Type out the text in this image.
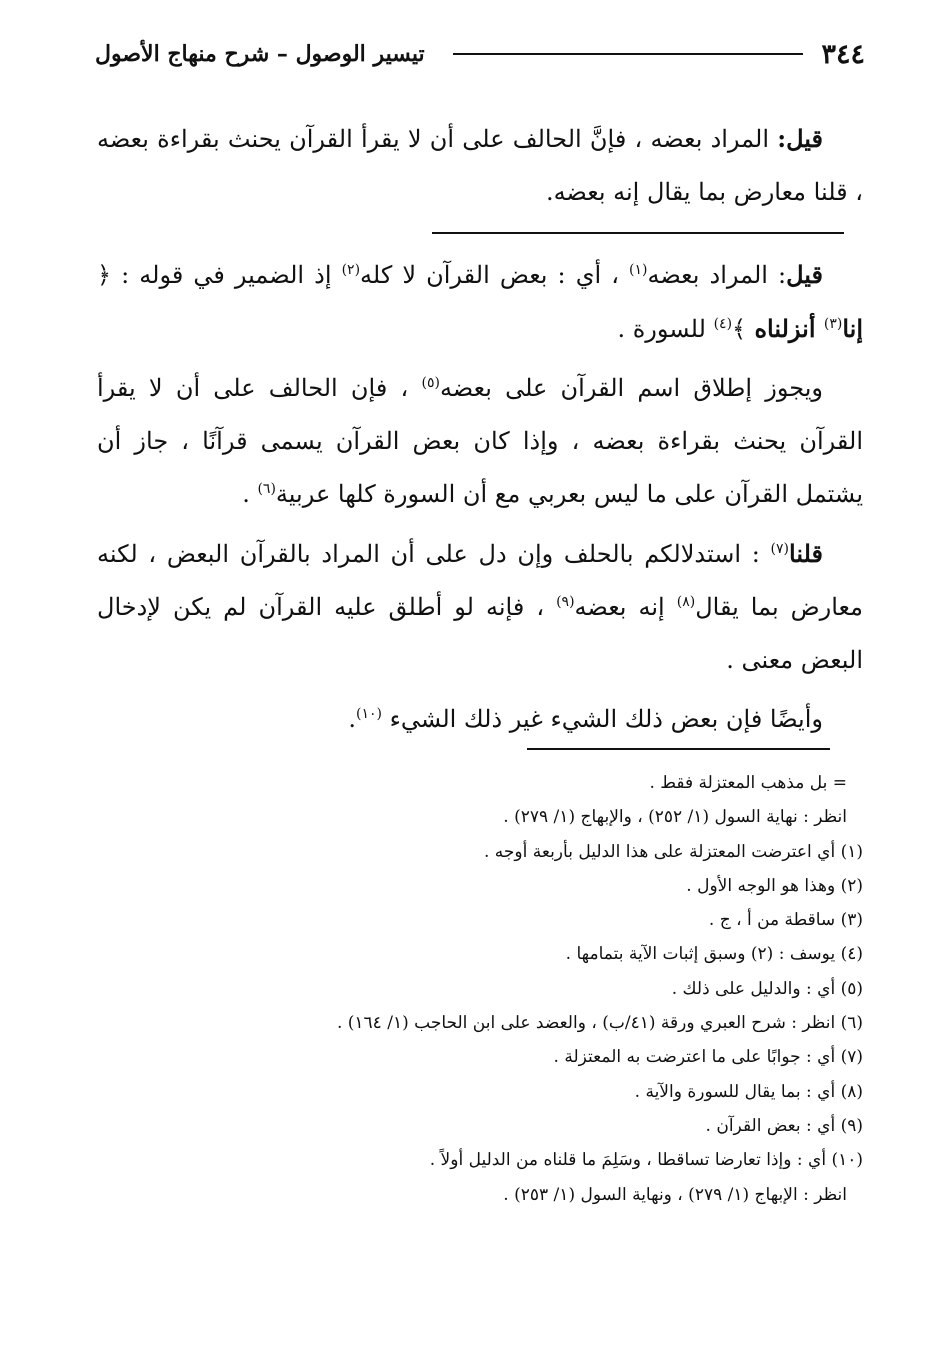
٣٤٤
تيسير الوصول – شرح منهاج الأصول
قيل: المراد بعضه ، فإنَّ الحالف على أن لا يقرأ القرآن يحنث بقراءة بعضه ، قلنا معارض بما يقال إنه بعضه.
قيل: المراد بعضه$^{(١)}$ ، أي : بعض القرآن لا كله$^{(٢)}$ إذ الضمير في قوله : ﴿ إنا$^{(٣)}$ أنزلناه ﴾$^{(٤)}$ للسورة .
ويجوز إطلاق اسم القرآن على بعضه$^{(٥)}$ ، فإن الحالف على أن لا يقرأ القرآن يحنث بقراءة بعضه ، وإذا كان بعض القرآن يسمى قرآنًا ، جاز أن يشتمل القرآن على ما ليس بعربي مع أن السورة كلها عربية$^{(٦)}$ .
قلنا$^{(٧)}$ : استدلالكم بالحلف وإن دل على أن المراد بالقرآن البعض ، لكنه معارض بما يقال$^{(٨)}$ إنه بعضه$^{(٩)}$ ، فإنه لو أطلق عليه القرآن لم يكن لإدخال البعض معنى .
وأيضًا فإن بعض ذلك الشيء غير ذلك الشيء $^{(١٠)}$.
= بل مذهب المعتزلة فقط .
انظر : نهاية السول (١/ ٢٥٢) ، والإبهاج (١/ ٢٧٩) .
(١) أي اعترضت المعتزلة على هذا الدليل بأربعة أوجه .
(٢) وهذا هو الوجه الأول .
(٣) ساقطة من أ ، ج .
(٤) يوسف : (٢) وسبق إثبات الآية بتمامها .
(٥) أي : والدليل على ذلك .
(٦) انظر : شرح العبري ورقة (٤١/ب) ، والعضد على ابن الحاجب (١/ ١٦٤) .
(٧) أي : جوابًا على ما اعترضت به المعتزلة .
(٨) أي : بما يقال للسورة والآية .
(٩) أي : بعض القرآن .
(١٠) أي : وإذا تعارضا تساقطا ، وسَلِمَ ما قلناه من الدليل أولاً .
انظر : الإبهاج (١/ ٢٧٩) ، ونهاية السول (١/ ٢٥٣) .
